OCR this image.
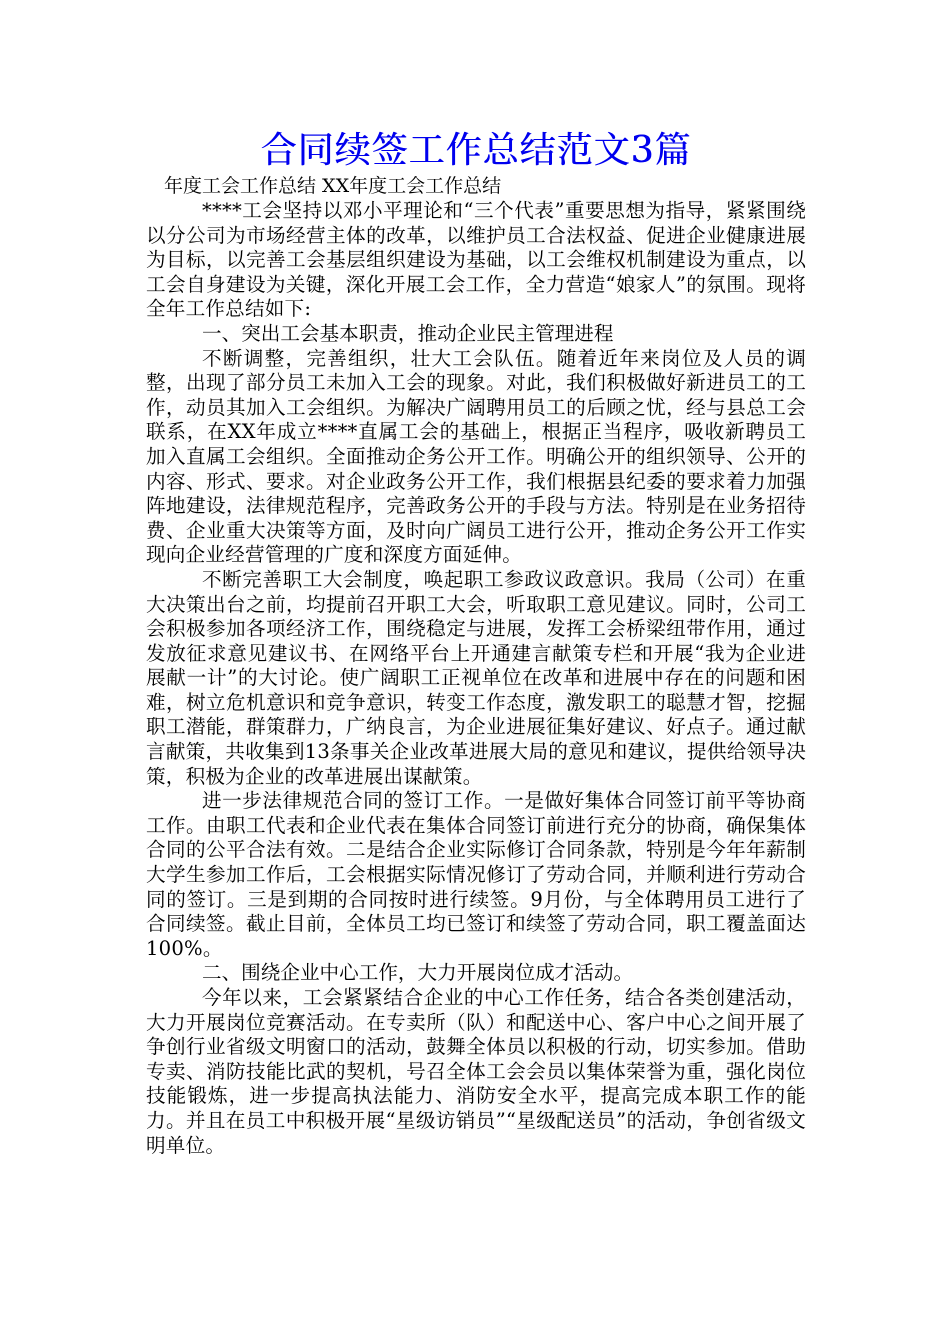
合同续签工作总结范文3篇

年度工会工作总结 XX年度工会工作总结

****工会坚持以邓小平理论和“三个代表”重要思想为指导，紧紧围绕以分公司为市场经营主体的改革，以维护员工合法权益、促进企业健康进展为目标，以完善工会基层组织建设为基础，以工会维权机制建设为重点，以工会自身建设为关键，深化开展工会工作，全力营造“娘家人”的氛围。现将全年工作总结如下:

一、突出工会基本职责，推动企业民主管理进程

不断调整，完善组织，壮大工会队伍。随着近年来岗位及人员的调整，出现了部分员工未加入工会的现象。对此，我们积极做好新进员工的工作，动员其加入工会组织。为解决广阔聘用员工的后顾之忧，经与县总工会联系，在XX年成立****直属工会的基础上，根据正当程序，吸收新聘员工加入直属工会组织。全面推动企务公开工作。明确公开的组织领导、公开的内容、形式、要求。对企业政务公开工作，我们根据县纪委的要求着力加强阵地建设，法律规范程序，完善政务公开的手段与方法。特别是在业务招待费、企业重大决策等方面，及时向广阔员工进行公开，推动企务公开工作实现向企业经营管理的广度和深度方面延伸。

不断完善职工大会制度，唤起职工参政议政意识。我局（公司）在重大决策出台之前，均提前召开职工大会，听取职工意见建议。同时，公司工会积极参加各项经济工作，围绕稳定与进展，发挥工会桥梁纽带作用，通过发放征求意见建议书、在网络平台上开通建言献策专栏和开展“我为企业进展献一计”的大讨论。使广阔职工正视单位在改革和进展中存在的问题和困难，树立危机意识和竞争意识，转变工作态度，激发职工的聪慧才智，挖掘职工潜能，群策群力，广纳良言，为企业进展征集好建议、好点子。通过献言献策，共收集到13条事关企业改革进展大局的意见和建议，提供给领导决策，积极为企业的改革进展出谋献策。

进一步法律规范合同的签订工作。一是做好集体合同签订前平等协商工作。由职工代表和企业代表在集体合同签订前进行充分的协商，确保集体合同的公平合法有效。二是结合企业实际修订合同条款，特别是今年年薪制大学生参加工作后，工会根据实际情况修订了劳动合同，并顺利进行劳动合同的签订。三是到期的合同按时进行续签。9月份，与全体聘用员工进行了合同续签。截止目前，全体员工均已签订和续签了劳动合同，职工覆盖面达100%。

二、围绕企业中心工作，大力开展岗位成才活动。

今年以来，工会紧紧结合企业的中心工作任务，结合各类创建活动，大力开展岗位竞赛活动。在专卖所（队）和配送中心、客户中心之间开展了争创行业省级文明窗口的活动，鼓舞全体员以积极的行动，切实参加。借助专卖、消防技能比武的契机，号召全体工会会员以集体荣誉为重，强化岗位技能锻炼，进一步提高执法能力、消防安全水平，提高完成本职工作的能力。并且在员工中积极开展“星级访销员”“星级配送员”的活动，争创省级文明单位。
